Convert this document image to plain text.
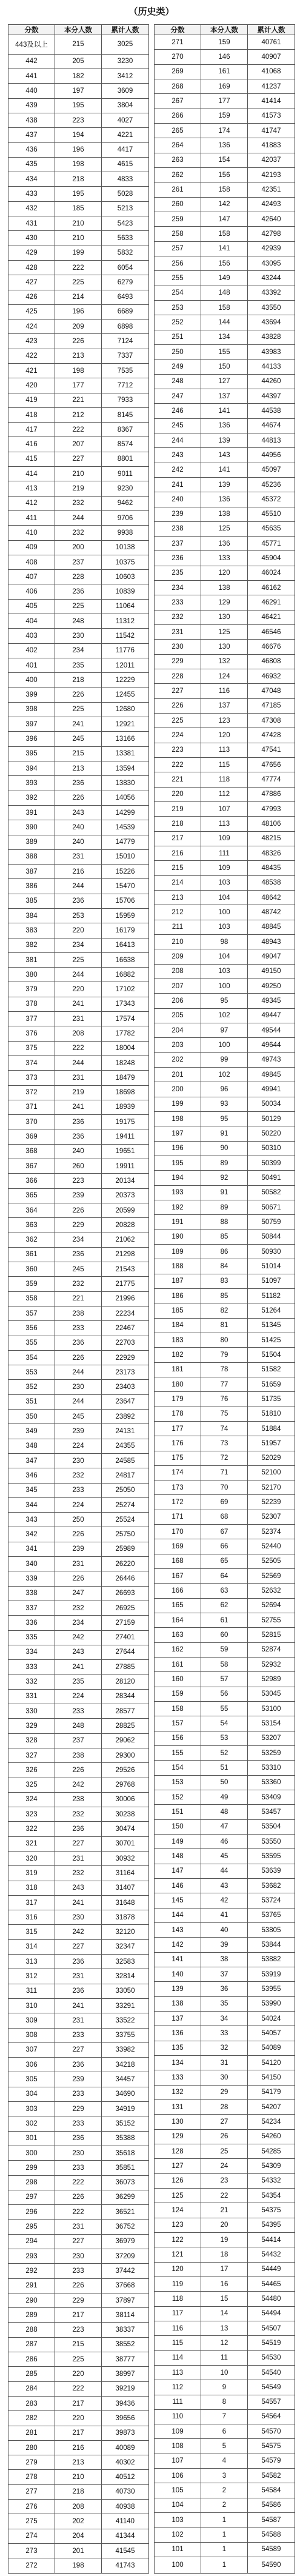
（历史类）
分数	本分人数	累计人数
443及以上	215	3025
442	205	3230
441	182	3412
440	197	3609
439	195	3804
438	223	4027
437	194	4221
436	196	4417
435	198	4615
434	218	4833
433	195	5028
432	185	5213
431	210	5423
430	210	5633
429	199	5832
428	222	6054
427	225	6279
426	214	6493
425	196	6689
424	209	6898
423	226	7124
422	213	7337
421	198	7535
420	177	7712
419	221	7933
418	212	8145
417	222	8367
416	207	8574
415	227	8801
414	210	9011
413	219	9230
412	232	9462
411	244	9706
410	232	9938
409	200	10138
408	237	10375
407	228	10603
406	236	10839
405	225	11064
404	248	11312
403	230	11542
402	234	11776
401	235	12011
400	218	12229
399	226	12455
398	225	12680
397	241	12921
396	245	13166
395	215	13381
394	213	13594
393	236	13830
392	226	14056
391	243	14299
390	240	14539
389	240	14779
388	231	15010
387	216	15226
386	244	15470
385	236	15706
384	253	15959
383	220	16179
382	234	16413
381	225	16638
380	244	16882
379	220	17102
378	241	17343
377	231	17574
376	208	17782
375	222	18004
374	244	18248
373	231	18479
372	219	18698
371	241	18939
370	236	19175
369	236	19411
368	240	19651
367	260	19911
366	223	20134
365	239	20373
364	226	20599
363	229	20828
362	234	21062
361	236	21298
360	245	21543
359	232	21775
358	221	21996
357	238	22234
356	233	22467
355	236	22703
354	226	22929
353	244	23173
352	230	23403
351	244	23647
350	245	23892
349	239	24131
348	224	24355
347	230	24585
346	232	24817
345	233	25050
344	224	25274
343	250	25524
342	226	25750
341	239	25989
340	231	26220
339	226	26446
338	247	26693
337	232	26925
336	234	27159
335	242	27401
334	243	27644
333	241	27885
332	235	28120
331	224	28344
330	233	28577
329	248	28825
328	237	29062
327	238	29300
326	226	29526
325	242	29768
324	238	30006
323	232	30238
322	236	30474
321	227	30701
320	231	30932
319	232	31164
318	243	31407
317	241	31648
316	230	31878
315	242	32120
314	227	32347
313	236	32583
312	231	32814
311	236	33050
310	241	33291
309	231	33522
308	233	33755
307	227	33982
306	236	34218
305	239	34457
304	233	34690
303	229	34919
302	233	35152
301	236	35388
300	230	35618
299	233	35851
298	222	36073
297	226	36299
296	222	36521
295	231	36752
294	227	36979
293	230	37209
292	233	37442
291	226	37668
290	229	37897
289	217	38114
288	223	38337
287	215	38552
286	225	38777
285	220	38997
284	222	39219
283	217	39436
282	220	39656
281	217	39873
280	216	40089
279	213	40302
278	210	40512
277	218	40730
276	208	40938
275	202	41140
274	204	41344
273	201	41545
272	198	41743
分数	本分人数	累计人数
271	159	40761
270	146	40907
269	161	41068
268	169	41237
267	177	41414
266	159	41573
265	174	41747
264	136	41883
263	154	42037
262	156	42193
261	158	42351
260	142	42493
259	147	42640
258	158	42798
257	141	42939
256	156	43095
255	149	43244
254	148	43392
253	158	43550
252	144	43694
251	134	43828
250	155	43983
249	150	44133
248	127	44260
247	137	44397
246	141	44538
245	136	44674
244	139	44813
243	143	44956
242	141	45097
241	139	45236
240	136	45372
239	138	45510
238	125	45635
237	136	45771
236	133	45904
235	120	46024
234	138	46162
233	129	46291
232	130	46421
231	125	46546
230	130	46676
229	132	46808
228	124	46932
227	116	47048
226	137	47185
225	123	47308
224	120	47428
223	113	47541
222	115	47656
221	118	47774
220	112	47886
219	107	47993
218	113	48106
217	109	48215
216	111	48326
215	109	48435
214	103	48538
213	104	48642
212	100	48742
211	103	48845
210	98	48943
209	104	49047
208	103	49150
207	100	49250
206	95	49345
205	102	49447
204	97	49544
203	100	49644
202	99	49743
201	102	49845
200	96	49941
199	93	50034
198	95	50129
197	91	50220
196	90	50310
195	89	50399
194	92	50491
193	91	50582
192	89	50671
191	88	50759
190	85	50844
189	86	50930
188	84	51014
187	83	51097
186	85	51182
185	82	51264
184	81	51345
183	80	51425
182	79	51504
181	78	51582
180	77	51659
179	76	51735
178	75	51810
177	74	51884
176	73	51957
175	72	52029
174	71	52100
173	70	52170
172	69	52239
171	68	52307
170	67	52374
169	66	52440
168	65	52505
167	64	52569
166	63	52632
165	62	52694
164	61	52755
163	60	52815
162	59	52874
161	58	52932
160	57	52989
159	56	53045
158	55	53100
157	54	53154
156	53	53207
155	52	53259
154	51	53310
153	50	53360
152	49	53409
151	48	53457
150	47	53504
149	46	53550
148	45	53595
147	44	53639
146	43	53682
145	42	53724
144	41	53765
143	40	53805
142	39	53844
141	38	53882
140	37	53919
139	36	53955
138	35	53990
137	34	54024
136	33	54057
135	32	54089
134	31	54120
133	30	54150
132	29	54179
131	28	54207
130	27	54234
129	26	54260
128	25	54285
127	24	54309
126	23	54332
125	22	54354
124	21	54375
123	20	54395
122	19	54414
121	18	54432
120	17	54449
119	16	54465
118	15	54480
117	14	54494
116	13	54507
115	12	54519
114	11	54530
113	10	54540
112	9	54549
111	8	54557
110	7	54564
109	6	54570
108	5	54575
107	4	54579
106	3	54582
105	2	54584
104	2	54586
103	1	54587
102	1	54588
101	1	54589
100	1	54590
